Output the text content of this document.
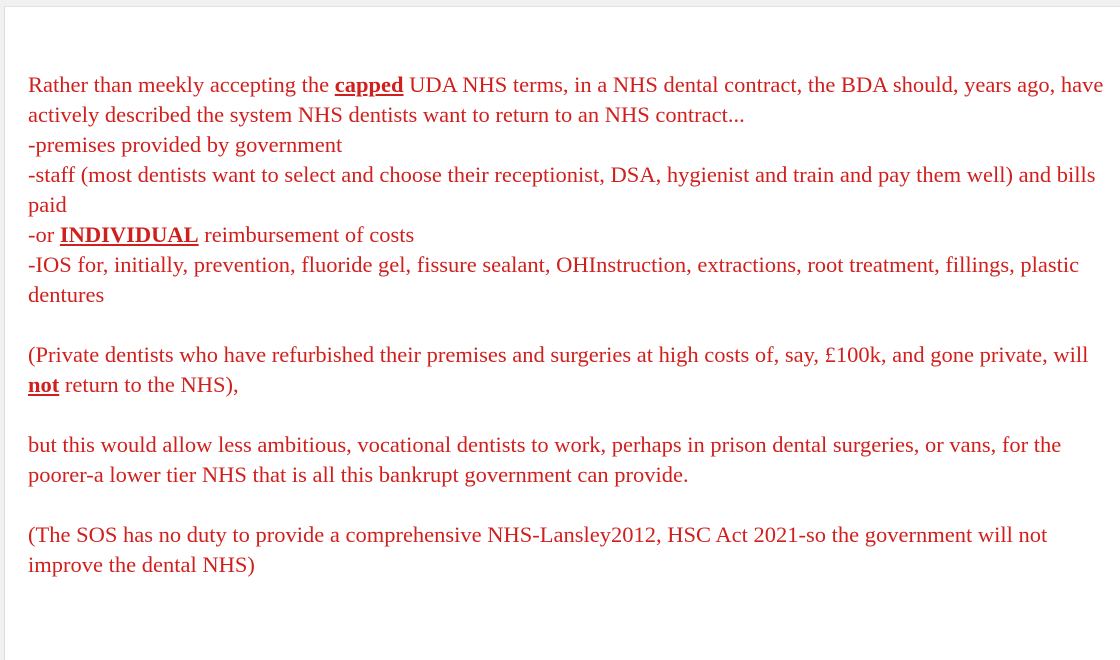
Rather than meekly accepting the capped UDA NHS terms, in a NHS dental contract, the BDA should, years ago, have actively described the system NHS dentists want to return to an NHS contract...

-premises provided by government
-staff (most dentists want to select and choose their receptionist, DSA, hygienist and train and pay them well) and bills paid
-or INDIVIDUAL reimbursement of costs
-IOS for, initially, prevention, fluoride gel, fissure sealant, OHInstruction, extractions, root treatment, fillings, plastic dentures

(Private dentists who have refurbished their premises and surgeries at high costs of, say, £100k, and gone private, will not return to the NHS),

but this would allow less ambitious, vocational dentists to work, perhaps in prison dental surgeries, or vans, for the poorer-a lower tier NHS that is all this bankrupt government can provide.

(The SOS has no duty to provide a comprehensive NHS-Lansley2012, HSC Act 2021-so the government will not improve the dental NHS)
